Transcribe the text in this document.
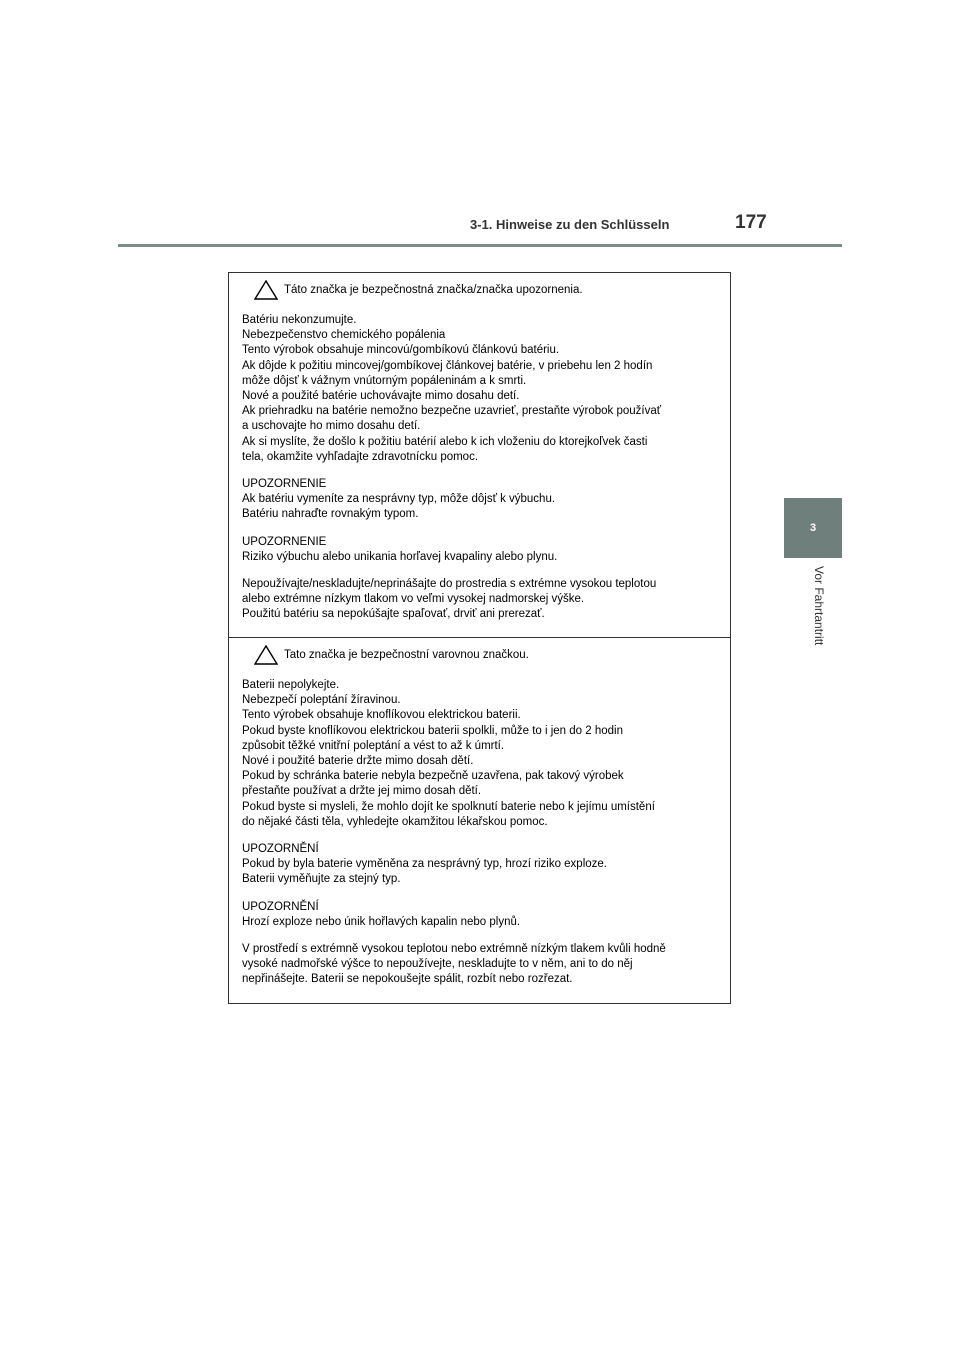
3-1. Hinweise zu den Schlüsseln	177
3
Vor Fahrtantritt
Táto značka je bezpečnostná značka/značka upozornenia.

Batériu nekonzumujte.
Nebezpečenstvo chemického popálenia
Tento výrobok obsahuje mincovú/gombíkovú článkovú batériu.
Ak dôjde k požitiu mincovej/gombíkovej článkovej batérie, v priebehu len 2 hodín
môže dôjsť k vážnym vnútorným popáleninám a k smrti.
Nové a použité batérie uchovávajte mimo dosahu detí.
Ak priehradku na batérie nemožno bezpečne uzavrieť, prestaňte výrobok používať
a uschovajte ho mimo dosahu detí.
Ak si myslíte, že došlo k požitiu batérií alebo k ich vloženiu do ktorejkoľvek časti
tela, okamžite vyhľadajte zdravotnícku pomoc.

UPOZORNENIE
Ak batériu vymeníte za nesprávny typ, môže dôjsť k výbuchu.
Batériu nahraďte rovnakým typom.

UPOZORNENIE
Riziko výbuchu alebo unikania horľavej kvapaliny alebo plynu.

Nepoužívajte/neskladujte/neprinášajte do prostredia s extrémne vysokou teplotou
alebo extrémne nízkym tlakom vo veľmi vysokej nadmorskej výške.
Použitú batériu sa nepokúšajte spaľovať, drviť ani prerezať.

Tato značka je bezpečnostní varovnou značkou.

Baterii nepolykejte.
Nebezpečí poleptání žíravinou.
Tento výrobek obsahuje knoflíkovou elektrickou baterii.
Pokud byste knoflíkovou elektrickou baterii spolkli, může to i jen do 2 hodin
způsobit těžké vnitřní poleptání a vést to až k úmrtí.
Nové i použité baterie držte mimo dosah dětí.
Pokud by schránka baterie nebyla bezpečně uzavřena, pak takový výrobek
přestaňte používat a držte jej mimo dosah dětí.
Pokud byste si mysleli, že mohlo dojít ke spolknutí baterie nebo k jejímu umístění
do nějaké části těla, vyhledejte okamžitou lékařskou pomoc.

UPOZORNĚNÍ
Pokud by byla baterie vyměněna za nesprávný typ, hrozí riziko exploze.
Baterii vyměňujte za stejný typ.

UPOZORNĚNÍ
Hrozí exploze nebo únik hořlavých kapalin nebo plynů.

V prostředí s extrémně vysokou teplotou nebo extrémně nízkým tlakem kvůli hodně
vysoké nadmořské výšce to nepoužívejte, neskladujte to v něm, ani to do něj
nepřinášejte. Baterii se nepokoušejte spálit, rozbít nebo rozřezat.
